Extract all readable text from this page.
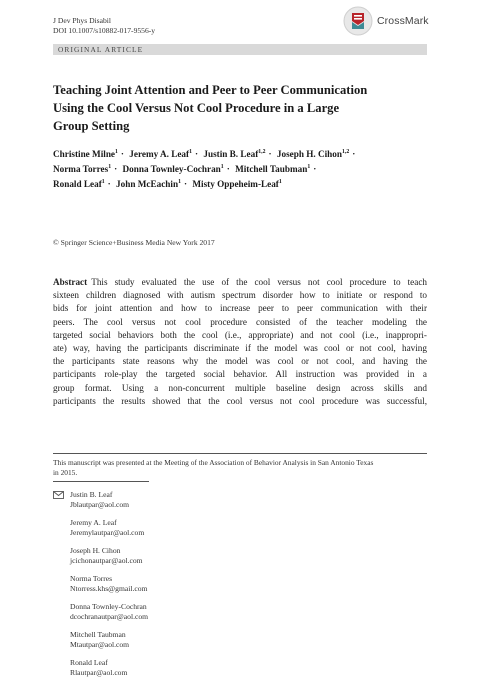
J Dev Phys Disabil
DOI 10.1007/s10882-017-9556-y
CrossMark
ORIGINAL ARTICLE
Teaching Joint Attention and Peer to Peer Communication
Using the Cool Versus Not Cool Procedure in a Large
Group Setting
Christine Milne$^1$ · Jeremy A. Leaf$^1$ · Justin B. Leaf$^{1,2}$ · Joseph H. Cihon$^{1,2}$ ·
Norma Torres$^1$ · Donna Townley-Cochran$^1$ · Mitchell Taubman$^1$ ·
Ronald Leaf$^1$ · John McEachin$^1$ · Misty Oppeheim-Leaf$^1$
© Springer Science+Business Media New York 2017
Abstract This study evaluated the use of the cool versus not cool procedure to teach
sixteen children diagnosed with autism spectrum disorder how to initiate or respond to
bids for joint attention and how to increase peer to peer communication with their
peers. The cool versus not cool procedure consisted of the teacher modeling the
targeted social behaviors both the cool (i.e., appropriate) and not cool (i.e., inappropri-
ate) way, having the participants discriminate if the model was cool or not cool, having
the participants state reasons why the model was cool or not cool, and having the
participants role-play the targeted social behavior. All instruction was provided in a
group format. Using a non-concurrent multiple baseline design across skills and
participants the results showed that the cool versus not cool procedure was successful,
This manuscript was presented at the Meeting of the Association of Behavior Analysis in San Antonio Texas
in 2015.
Justin B. Leaf
Jblautpar@aol.com
Jeremy A. Leaf
Jeremylautpar@aol.com
Joseph H. Cihon
jcichonautpar@aol.com
Norma Torres
Ntorress.khs@gmail.com
Donna Townley-Cochran
dcochranautpar@aol.com
Mitchell Taubman
Mtautpar@aol.com
Ronald Leaf
Rlautpar@aol.com
